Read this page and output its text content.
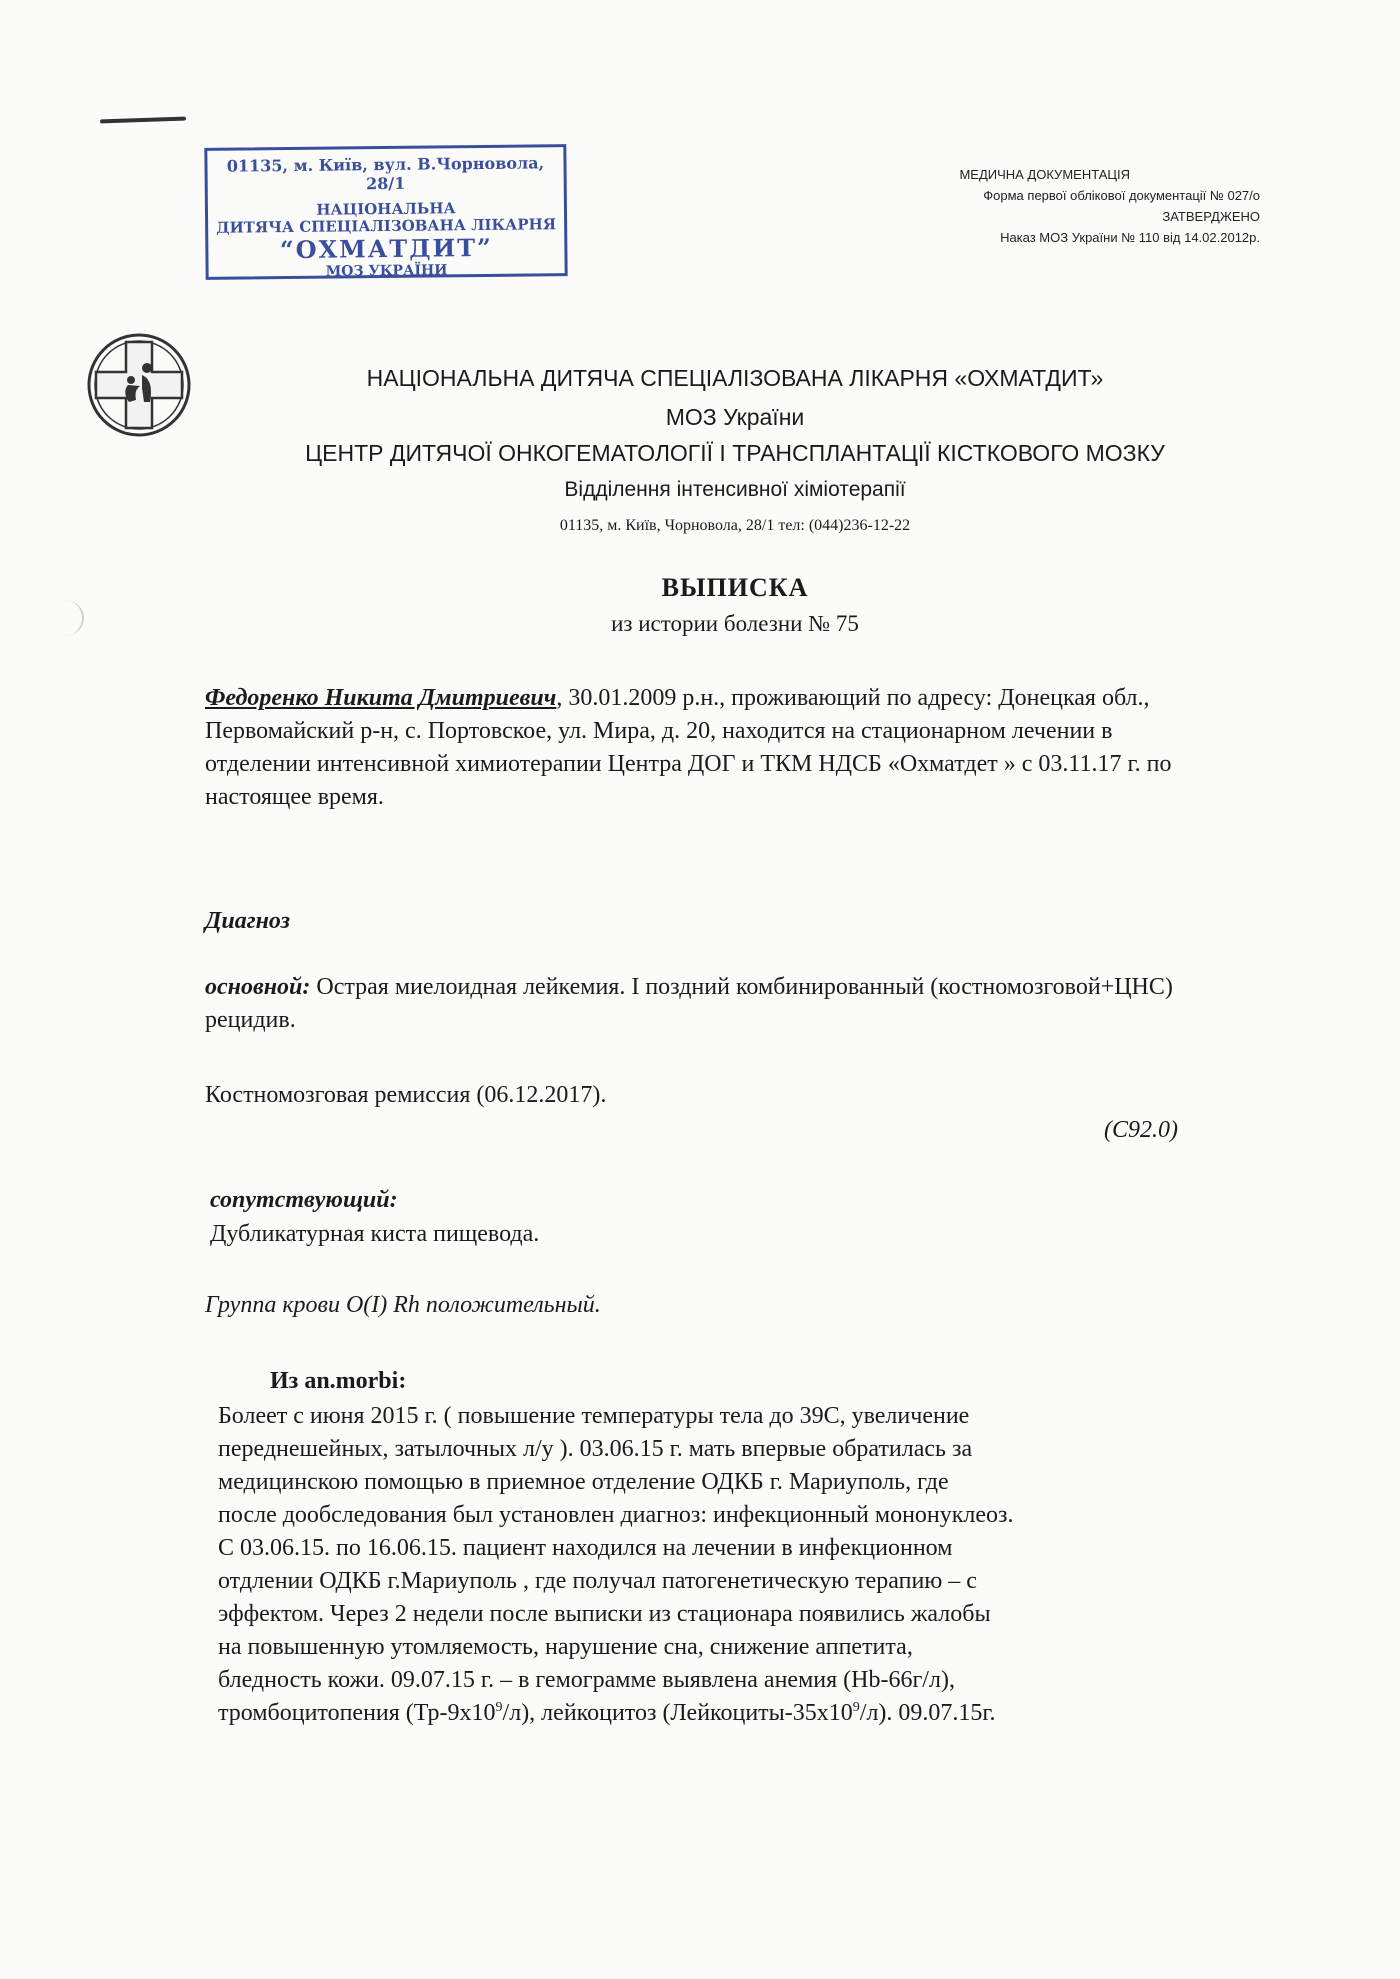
01135, м. Київ, вул. В.Чорновола, 28/1
НАЦІОНАЛЬНА
ДИТЯЧА СПЕЦІАЛІЗОВАНА ЛІКАРНЯ
“ОХМАТДИТ”
МОЗ УКРАЇНИ
МЕДИЧНА ДОКУМЕНТАЦІЯ
Форма первої облікової документації № 027/о
ЗАТВЕРДЖЕНО
Наказ МОЗ України № 110 від 14.02.2012р.
НАЦІОНАЛЬНА ДИТЯЧА СПЕЦІАЛІЗОВАНА ЛІКАРНЯ «ОХМАТДИТ»
МОЗ України
ЦЕНТР ДИТЯЧОЇ ОНКОГЕМАТОЛОГІЇ І ТРАНСПЛАНТАЦІЇ КІСТКОВОГО МОЗКУ
Відділення інтенсивної хіміотерапії
01135, м. Київ, Чорновола, 28/1 тел: (044)236-12-22
ВЫПИСКА
из истории болезни № 75
Федоренко Никита Дмитриевич, 30.01.2009 р.н., проживающий по адресу: Донецкая обл., Первомайский р-н, с. Портовское, ул. Мира, д. 20, находится на стационарном лечении в отделении интенсивной химиотерапии Центра ДОГ и ТКМ НДСБ «Охматдет » с 03.11.17 г. по настоящее время.
Диагноз
основной: Острая миелоидная лейкемия. I поздний комбинированный (костномозговой+ЦНС) рецидив.
Костномозговая ремиссия (06.12.2017).
(С92.0)
сопутствующий:
Дубликатурная киста пищевода.
Группа крови O(I) Rh положительный.
Из an.morbi:

Болеет с июня 2015 г. ( повышение температуры тела до 39С, увеличение

переднешейных, затылочных л/у ). 03.06.15 г. мать впервые обратилась за

медицинскою помощью в приемное отделение ОДКБ г. Мариуполь, где

после дообследования был установлен диагноз: инфекционный мононуклеоз.

С 03.06.15. по 16.06.15. пациент находился на лечении в инфекционном

отдлении ОДКБ г.Мариуполь , где получал патогенетическую терапию – с

эффектом. Через 2 недели после выписки из стационара появились жалобы

на повышенную утомляемость, нарушение сна, снижение аппетита,

бледность кожи. 09.07.15 г. – в гемограмме выявлена анемия (Нb-66г/л),

тромбоцитопения $(Тр-9х10^9/л)$, лейкоцитоз $(Лейкоциты-35х10^9/л)$. 09.07.15г.
